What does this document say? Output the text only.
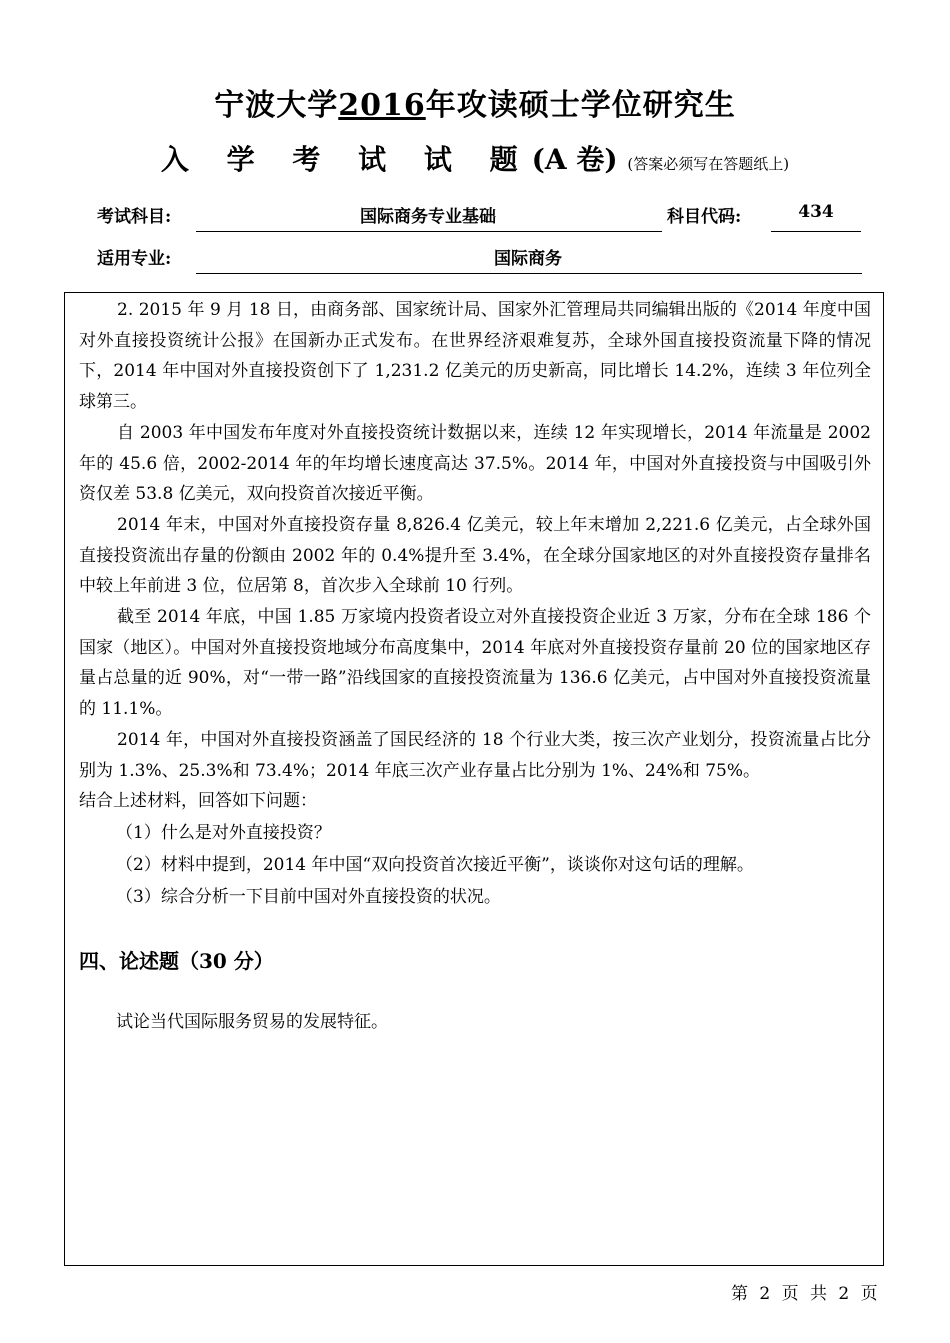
宁波大学2016年攻读硕士学位研究生
入 学 考 试 试 题(A 卷) (答案必须写在答题纸上)
考试科目:	国际商务专业基础	科目代码:	434
适用专业:	国际商务

2. 2015 年 9 月 18 日，由商务部、国家统计局、国家外汇管理局共同编辑出版的《2014 年度中国对外直接投资统计公报》在国新办正式发布。在世界经济艰难复苏，全球外国直接投资流量下降的情况下，2014 年中国对外直接投资创下了 1,231.2 亿美元的历史新高，同比增长 14.2%，连续 3 年位列全球第三。

自 2003 年中国发布年度对外直接投资统计数据以来，连续 12 年实现增长，2014 年流量是 2002 年的 45.6 倍，2002-2014 年的年均增长速度高达 37.5%。2014 年，中国对外直接投资与中国吸引外资仅差 53.8 亿美元，双向投资首次接近平衡。

2014 年末，中国对外直接投资存量 8,826.4 亿美元，较上年末增加 2,221.6 亿美元，占全球外国直接投资流出存量的份额由 2002 年的 0.4%提升至 3.4%，在全球分国家地区的对外直接投资存量排名中较上年前进 3 位，位居第 8，首次步入全球前 10 行列。

截至 2014 年底，中国 1.85 万家境内投资者设立对外直接投资企业近 3 万家，分布在全球 186 个国家（地区）。中国对外直接投资地域分布高度集中，2014 年底对外直接投资存量前 20 位的国家地区存量占总量的近 90%，对“一带一路”沿线国家的直接投资流量为 136.6 亿美元，占中国对外直接投资流量的 11.1%。

2014 年，中国对外直接投资涵盖了国民经济的 18 个行业大类，按三次产业划分，投资流量占比分别为 1.3%、25.3%和 73.4%；2014 年底三次产业存量占比分别为 1%、24%和 75%。

结合上述材料，回答如下问题：
（1）什么是对外直接投资？
（2）材料中提到，2014 年中国“双向投资首次接近平衡”，谈谈你对这句话的理解。
（3）综合分析一下目前中国对外直接投资的状况。
四、论述题（30 分）
试论当代国际服务贸易的发展特征。
第 2 页 共 2 页
